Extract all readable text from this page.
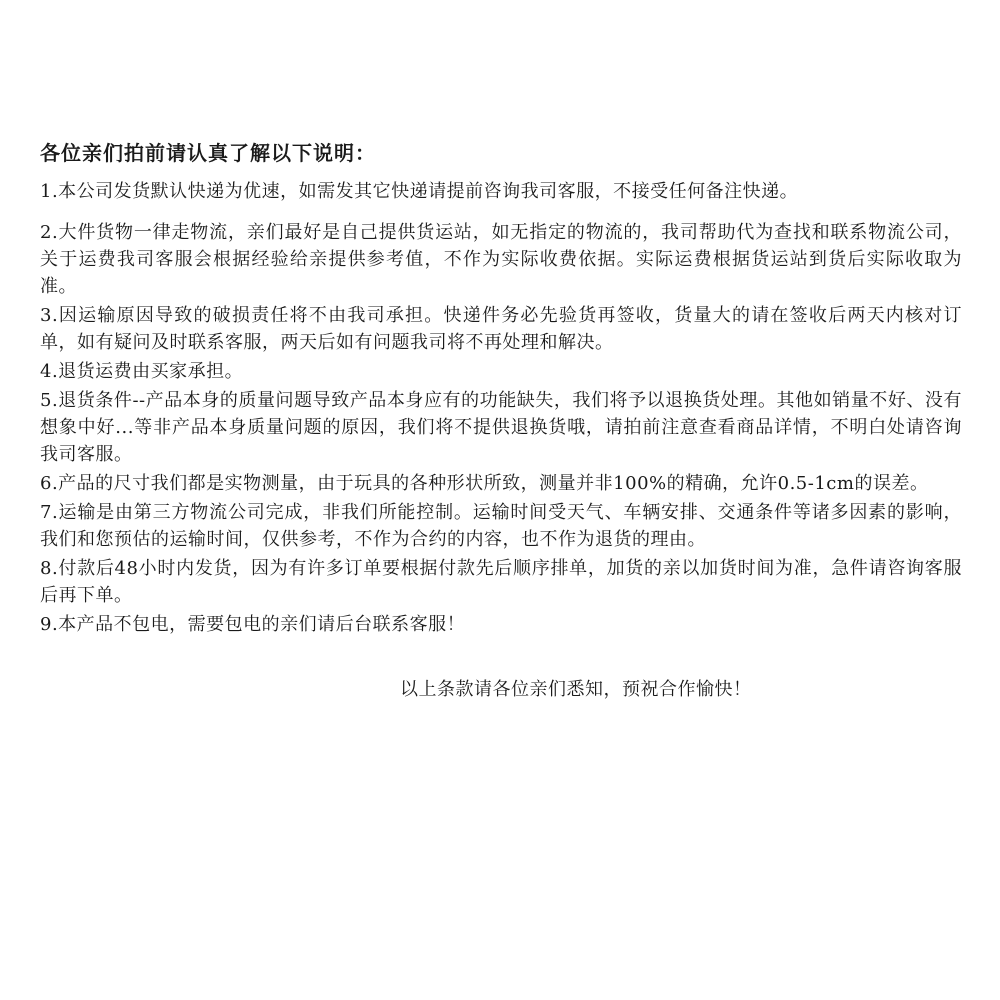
各位亲们拍前请认真了解以下说明：
1.本公司发货默认快递为优速，如需发其它快递请提前咨询我司客服，不接受任何备注快递。
2.大件货物一律走物流，亲们最好是自己提供货运站，如无指定的物流的，我司帮助代为查找和联系物流公司，关于运费我司客服会根据经验给亲提供参考值，不作为实际收费依据。实际运费根据货运站到货后实际收取为准。
3.因运输原因导致的破损责任将不由我司承担。快递件务必先验货再签收，货量大的请在签收后两天内核对订单，如有疑问及时联系客服，两天后如有问题我司将不再处理和解决。
4.退货运费由买家承担。
5.退货条件--产品本身的质量问题导致产品本身应有的功能缺失，我们将予以退换货处理。其他如销量不好、没有想象中好...等非产品本身质量问题的原因，我们将不提供退换货哦，请拍前注意查看商品详情，不明白处请咨询我司客服。
6.产品的尺寸我们都是实物测量，由于玩具的各种形状所致，测量并非100%的精确，允许0.5-1cm的误差。
7.运输是由第三方物流公司完成，非我们所能控制。运输时间受天气、车辆安排、交通条件等诸多因素的影响，我们和您预估的运输时间，仅供参考，不作为合约的内容，也不作为退货的理由。
8.付款后48小时内发货，因为有许多订单要根据付款先后顺序排单，加货的亲以加货时间为准，急件请咨询客服后再下单。
9.本产品不包电，需要包电的亲们请后台联系客服！
以上条款请各位亲们悉知，预祝合作愉快！
